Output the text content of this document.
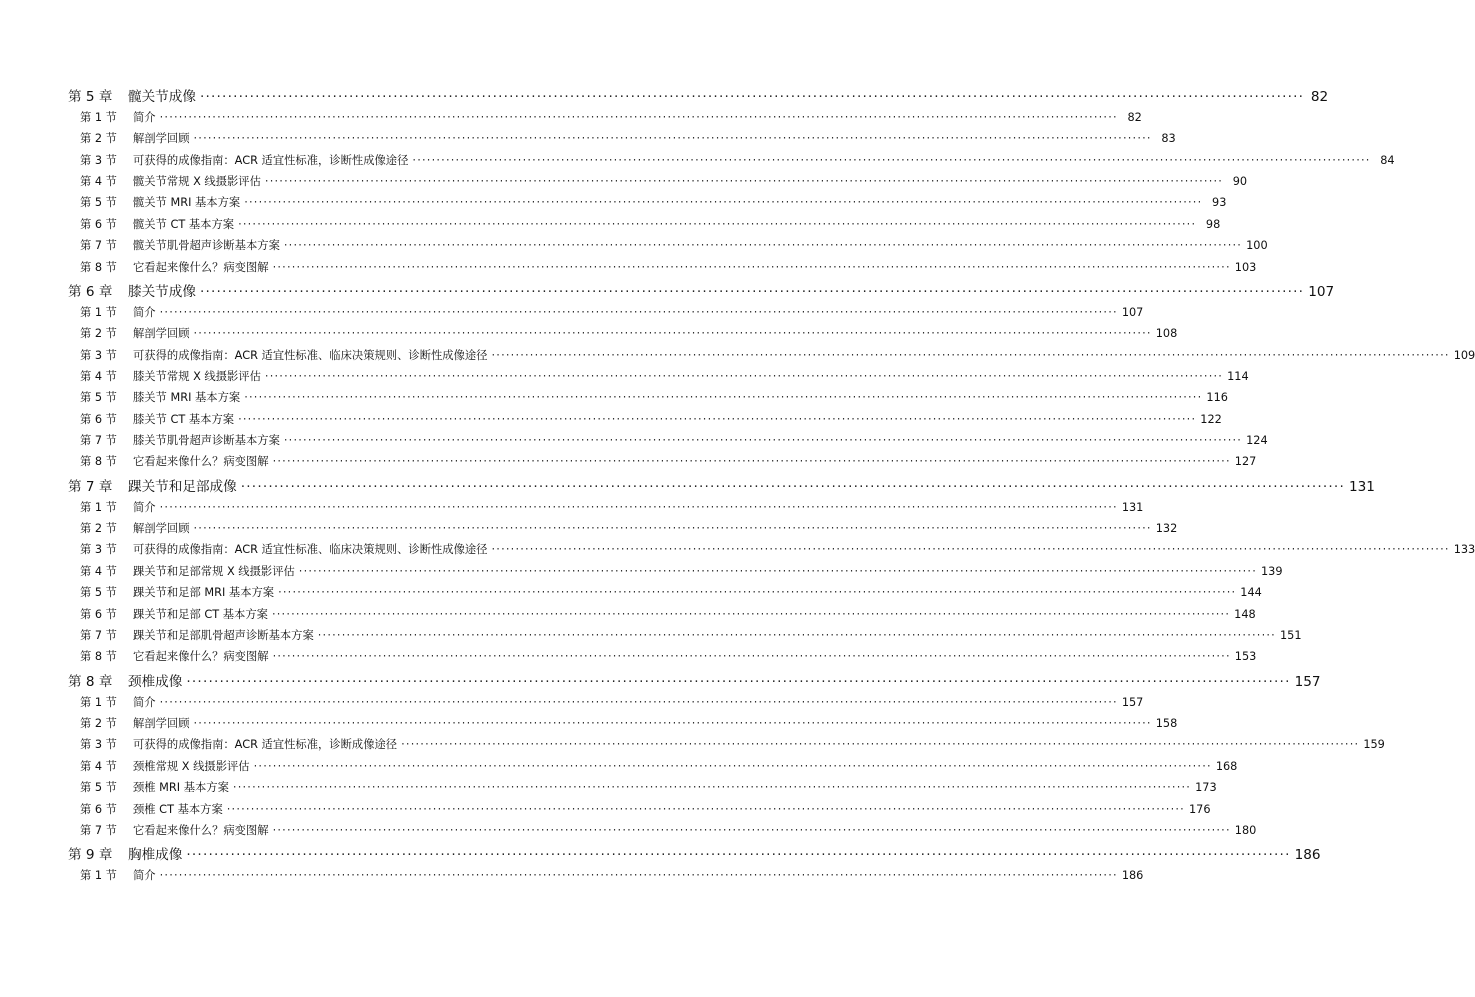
第 5 章	髋关节成像 ········································································································································································································ 82
第 1 节	简介 ········································································································································································································ 82
第 2 节	解剖学回顾 ········································································································································································································ 83
第 3 节	可获得的成像指南：ACR 适宜性标准，诊断性成像途径 ········································································································································································································ 84
第 4 节	髋关节常规 X 线摄影评估 ········································································································································································································ 90
第 5 节	髋关节 MRI 基本方案 ········································································································································································································ 93
第 6 节	髋关节 CT 基本方案 ········································································································································································································ 98
第 7 节	髋关节肌骨超声诊断基本方案 ········································································································································································································ 100
第 8 节	它看起来像什么？病变图解 ········································································································································································································ 103
第 6 章	膝关节成像 ········································································································································································································ 107
第 1 节	简介 ········································································································································································································ 107
第 2 节	解剖学回顾 ········································································································································································································ 108
第 3 节	可获得的成像指南：ACR 适宜性标准、临床决策规则、诊断性成像途径 ········································································································································································································ 109
第 4 节	膝关节常规 X 线摄影评估 ········································································································································································································ 114
第 5 节	膝关节 MRI 基本方案 ········································································································································································································ 116
第 6 节	膝关节 CT 基本方案 ········································································································································································································ 122
第 7 节	膝关节肌骨超声诊断基本方案 ········································································································································································································ 124
第 8 节	它看起来像什么？病变图解 ········································································································································································································ 127
第 7 章	踝关节和足部成像 ········································································································································································································ 131
第 1 节	简介 ········································································································································································································ 131
第 2 节	解剖学回顾 ········································································································································································································ 132
第 3 节	可获得的成像指南：ACR 适宜性标准、临床决策规则、诊断性成像途径 ········································································································································································································ 133
第 4 节	踝关节和足部常规 X 线摄影评估 ········································································································································································································ 139
第 5 节	踝关节和足部 MRI 基本方案 ········································································································································································································ 144
第 6 节	踝关节和足部 CT 基本方案 ········································································································································································································ 148
第 7 节	踝关节和足部肌骨超声诊断基本方案 ········································································································································································································ 151
第 8 节	它看起来像什么？病变图解 ········································································································································································································ 153
第 8 章	颈椎成像 ········································································································································································································ 157
第 1 节	简介 ········································································································································································································ 157
第 2 节	解剖学回顾 ········································································································································································································ 158
第 3 节	可获得的成像指南：ACR 适宜性标准，诊断成像途径 ········································································································································································································ 159
第 4 节	颈椎常规 X 线摄影评估 ········································································································································································································ 168
第 5 节	颈椎 MRI 基本方案 ········································································································································································································ 173
第 6 节	颈椎 CT 基本方案 ········································································································································································································ 176
第 7 节	它看起来像什么？病变图解 ········································································································································································································ 180
第 9 章	胸椎成像 ········································································································································································································ 186
第 1 节	简介 ········································································································································································································ 186
